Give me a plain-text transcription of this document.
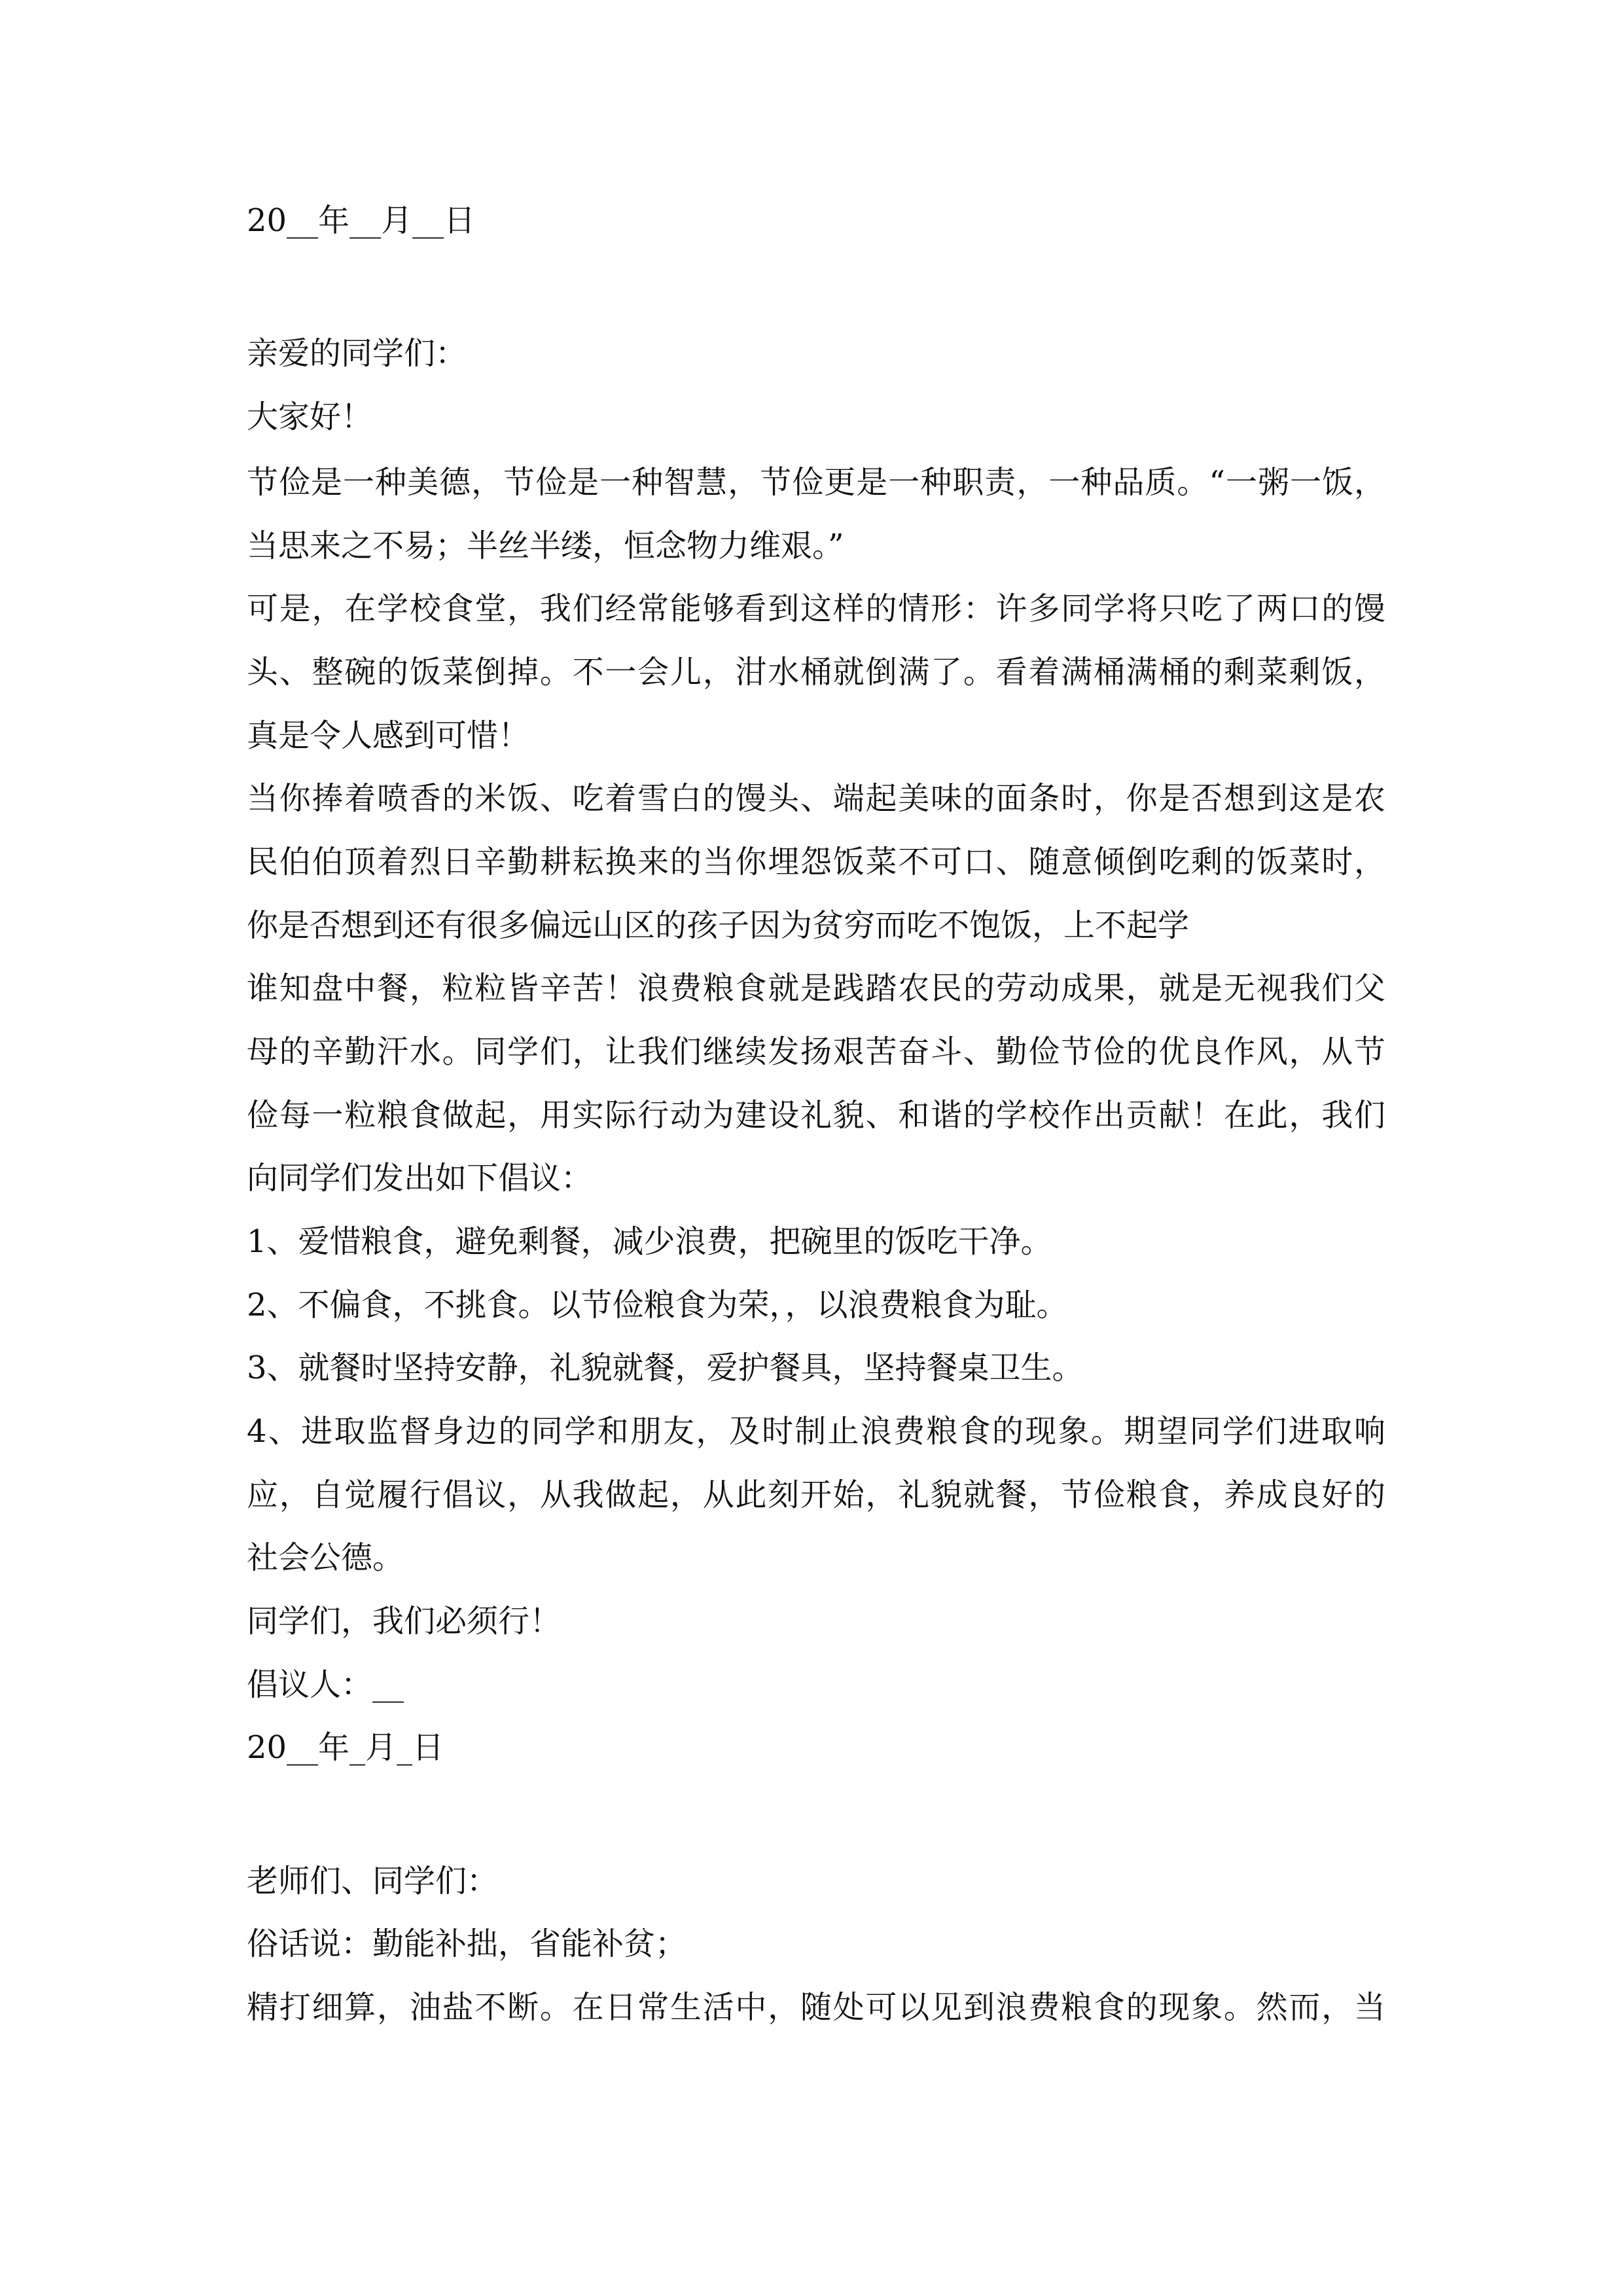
20__年__月__日
亲爱的同学们：
大家好！
节俭是一种美德，节俭是一种智慧，节俭更是一种职责，一种品质。“一粥一饭，
当思来之不易；半丝半缕，恒念物力维艰。”
可是，在学校食堂，我们经常能够看到这样的情形：许多同学将只吃了两口的馒
头、整碗的饭菜倒掉。不一会儿，泔水桶就倒满了。看着满桶满桶的剩菜剩饭，
真是令人感到可惜！
当你捧着喷香的米饭、吃着雪白的馒头、端起美味的面条时，你是否想到这是农
民伯伯顶着烈日辛勤耕耘换来的当你埋怨饭菜不可口、随意倾倒吃剩的饭菜时，
你是否想到还有很多偏远山区的孩子因为贫穷而吃不饱饭，上不起学
谁知盘中餐，粒粒皆辛苦！浪费粮食就是践踏农民的劳动成果，就是无视我们父
母的辛勤汗水。同学们，让我们继续发扬艰苦奋斗、勤俭节俭的优良作风，从节
俭每一粒粮食做起，用实际行动为建设礼貌、和谐的学校作出贡献！在此，我们
向同学们发出如下倡议：
1、爱惜粮食，避免剩餐，减少浪费，把碗里的饭吃干净。
2、不偏食，不挑食。以节俭粮食为荣，，以浪费粮食为耻。
3、就餐时坚持安静，礼貌就餐，爱护餐具，坚持餐桌卫生。
4、进取监督身边的同学和朋友，及时制止浪费粮食的现象。期望同学们进取响
应，自觉履行倡议，从我做起，从此刻开始，礼貌就餐，节俭粮食，养成良好的
社会公德。
同学们，我们必须行！
倡议人：__
20__年_月_日
老师们、同学们：
俗话说：勤能补拙，省能补贫；
精打细算，油盐不断。在日常生活中，随处可以见到浪费粮食的现象。然而，当
